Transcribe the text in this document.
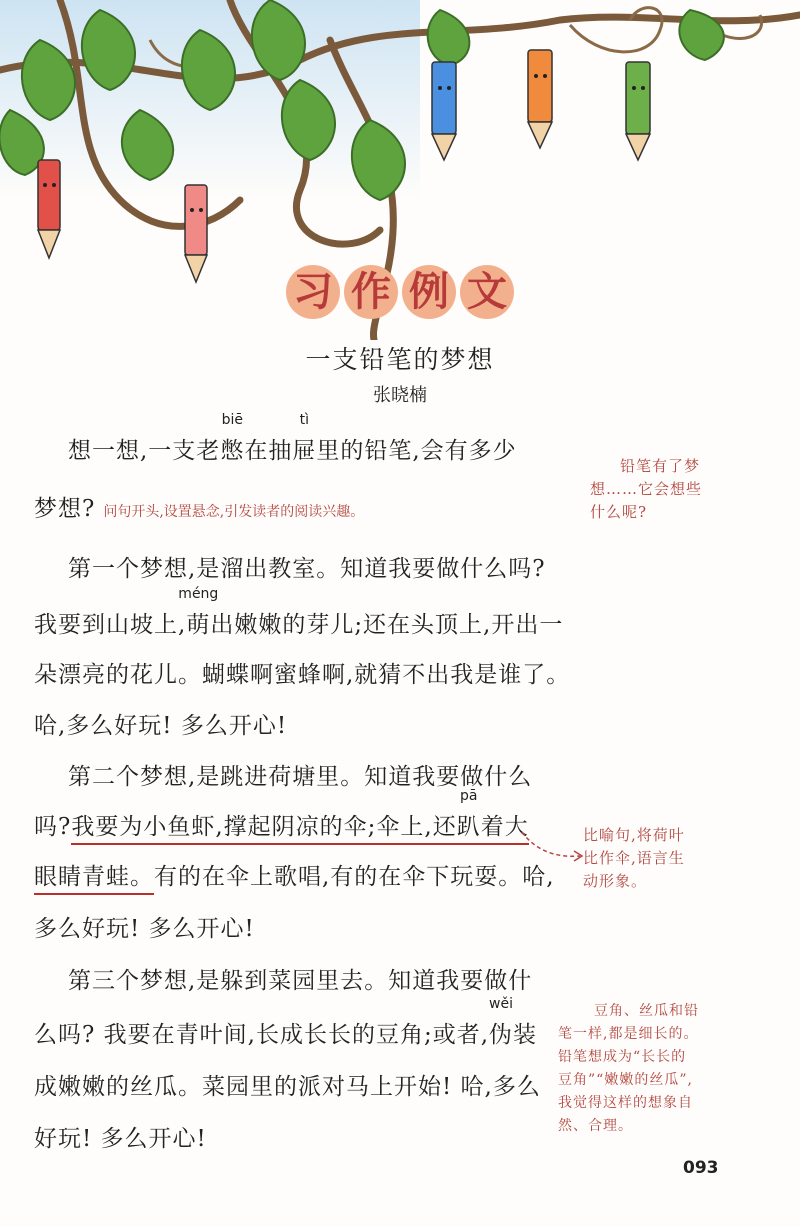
习 作 例 文
一支铅笔的梦想
张晓楠
想一想,一支老
biē
憋在抽
tì
屉里的铅笔,会有多少
梦想? 问句开头,设置悬念,引发读者的阅读兴趣。
第一个梦想,是溜出教室。知道我要做什么吗?
我要到山坡上,
méng
萌出嫩嫩的芽儿;还在头顶上,开出一
朵漂亮的花儿。蝴蝶啊蜜蜂啊,就猜不出我是谁了。
哈,多么好玩! 多么开心!
第二个梦想,是跳进荷塘里。知道我要做什么
吗?我要为小鱼虾,撑起阴凉的伞;伞上,还
pā
趴着大
眼睛青蛙。有的在伞上歌唱,有的在伞下玩耍。哈,
多么好玩! 多么开心!
第三个梦想,是躲到菜园里去。知道我要做什
么吗? 我要在青叶间,长成长长的豆角;或者,
wěi
伪装
成嫩嫩的丝瓜。菜园里的派对马上开始! 哈,多么
好玩! 多么开心!
铅笔有了梦
想……它会想些
什么呢?
比喻句,将荷叶
比作伞,语言生
动形象。
豆角、丝瓜和铅
笔一样,都是细长的。
铅笔想成为“长长的
豆角”“嫩嫩的丝瓜”,
我觉得这样的想象自
然、合理。
093
